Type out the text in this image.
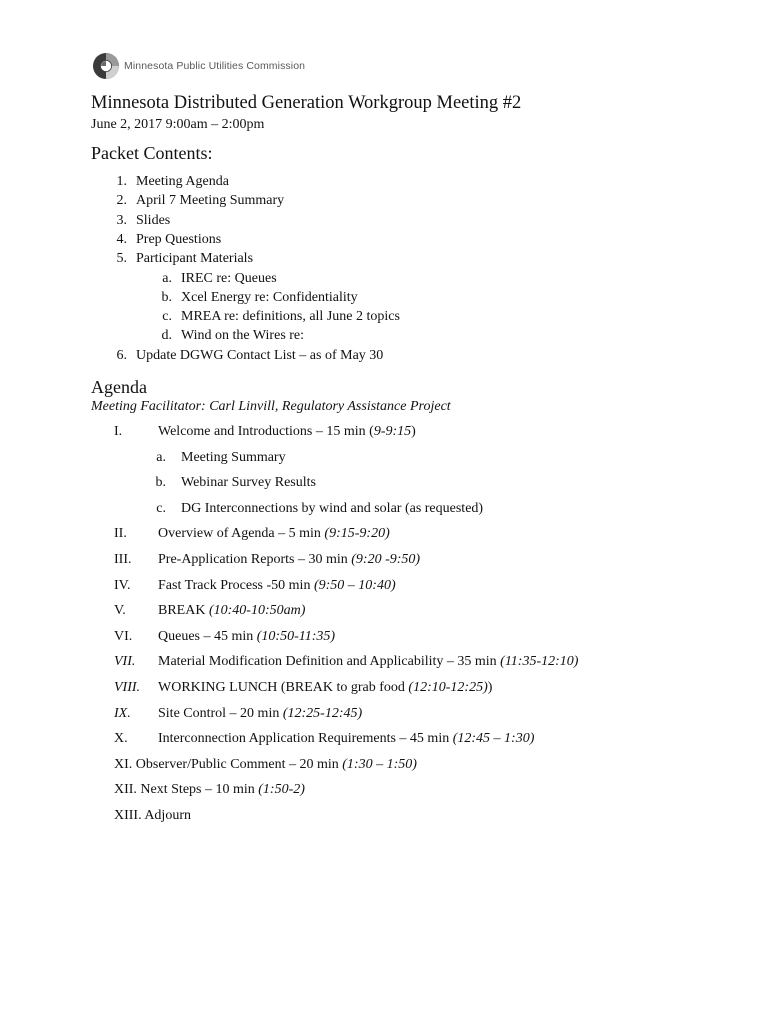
Minnesota Public Utilities Commission
Minnesota Distributed Generation Workgroup Meeting #2
June 2, 2017 9:00am – 2:00pm
Packet Contents:
1. Meeting Agenda
2. April 7 Meeting Summary
3. Slides
4. Prep Questions
5. Participant Materials
a. IREC re: Queues
b. Xcel Energy re: Confidentiality
c. MREA re: definitions, all June 2 topics
d. Wind on the Wires re:
6. Update DGWG Contact List – as of May 30
Agenda
Meeting Facilitator: Carl Linvill, Regulatory Assistance Project
I.	Welcome and Introductions – 15 min (9-9:15)
a. Meeting Summary
b. Webinar Survey Results
c. DG Interconnections by wind and solar (as requested)
II. Overview of Agenda – 5 min (9:15-9:20)
III. Pre-Application Reports – 30 min (9:20 -9:50)
IV. Fast Track Process -50 min (9:50 – 10:40)
V. BREAK (10:40-10:50am)
VI. Queues – 45 min (10:50-11:35)
VII. Material Modification Definition and Applicability – 35 min (11:35-12:10)
VIII. WORKING LUNCH (BREAK to grab food (12:10-12:25))
IX. Site Control – 20 min (12:25-12:45)
X. Interconnection Application Requirements – 45 min (12:45 – 1:30)
XI. Observer/Public Comment – 20 min (1:30 – 1:50)
XII. Next Steps – 10 min (1:50-2)
XIII. Adjourn
